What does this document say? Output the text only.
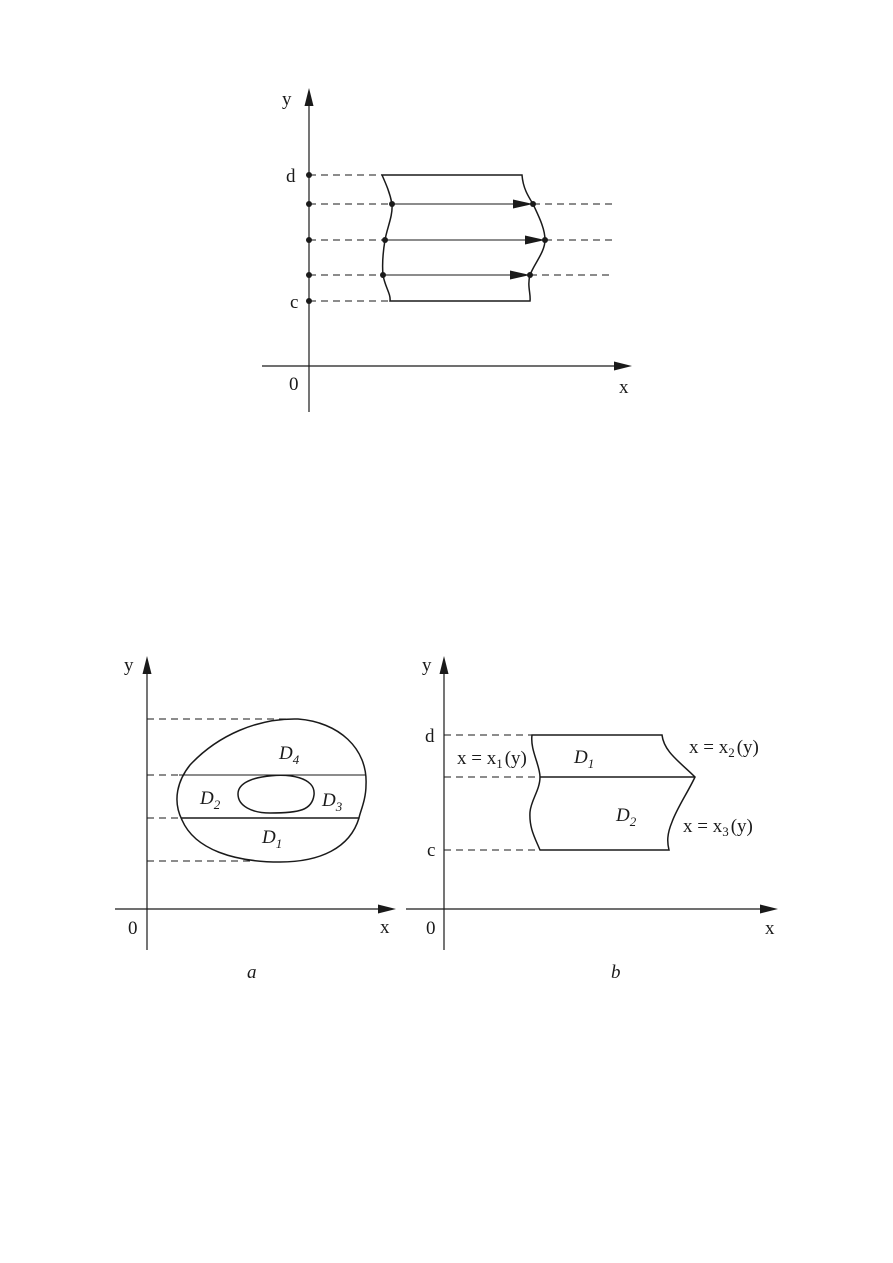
y
x
0
d
c
y
x
0
$D_4$
$D_2$	$D_3$
$D_1$
a
y
x
0
d
c
$D_1$
$D_2$
$x = x_1$ (y)
$x = x_2$ (y)
$x = x_3$ (y)
b
